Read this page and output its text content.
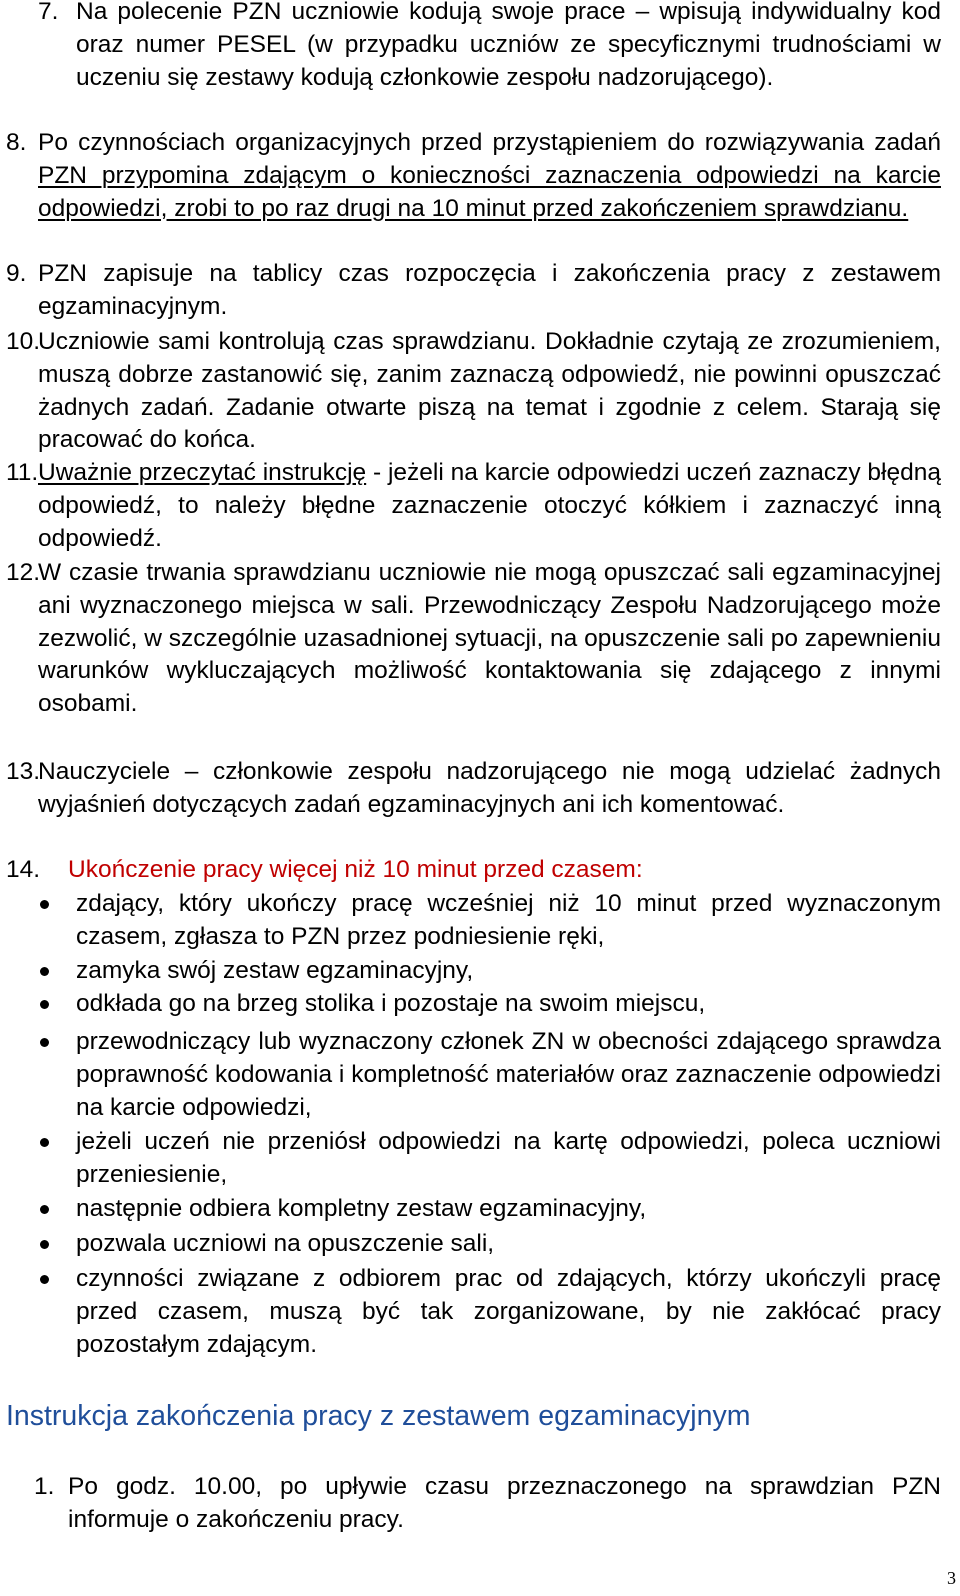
7. Na polecenie PZN uczniowie kodują swoje prace – wpisują indywidualny kod oraz numer PESEL (w przypadku uczniów ze specyficznymi trudnościami w uczeniu się zestawy kodują członkowie zespołu nadzorującego).
8. Po czynnościach organizacyjnych przed przystąpieniem do rozwiązywania zadań PZN przypomina zdającym o konieczności zaznaczenia odpowiedzi na karcie odpowiedzi, zrobi to po raz drugi na 10 minut przed zakończeniem sprawdzianu.
9. PZN zapisuje na tablicy czas rozpoczęcia i zakończenia pracy z zestawem egzaminacyjnym.
10.
Uczniowie sami kontrolują czas sprawdzianu. Dokładnie czytają ze zrozumieniem, muszą dobrze zastanowić się, zanim zaznaczą odpowiedź, nie powinni opuszczać żadnych zadań. Zadanie otwarte piszą na temat i zgodnie z celem. Starają się pracować do końca.
11. Uważnie przeczytać instrukcję - jeżeli na karcie odpowiedzi uczeń zaznaczy błędną odpowiedź, to należy błędne zaznaczenie otoczyć kółkiem i zaznaczyć inną odpowiedź.
12.
W czasie trwania sprawdzianu uczniowie nie mogą opuszczać sali egzaminacyjnej ani wyznaczonego miejsca w sali. Przewodniczący Zespołu Nadzorującego może zezwolić, w szczególnie uzasadnionej sytuacji, na opuszczenie sali po zapewnieniu warunków wykluczających możliwość kontaktowania się zdającego z innymi osobami.
13.
Nauczyciele – członkowie zespołu nadzorującego nie mogą udzielać żadnych wyjaśnień dotyczących zadań egzaminacyjnych ani ich komentować.
14. Ukończenie pracy więcej niż 10 minut przed czasem:
zdający, który ukończy pracę wcześniej niż 10 minut przed wyznaczonym czasem, zgłasza to PZN przez podniesienie ręki,
zamyka swój zestaw egzaminacyjny,
odkłada go na brzeg stolika i pozostaje na swoim miejscu,
przewodniczący lub wyznaczony członek ZN w obecności zdającego sprawdza poprawność kodowania i kompletność materiałów oraz zaznaczenie odpowiedzi na karcie odpowiedzi,
jeżeli uczeń nie przeniósł odpowiedzi na kartę odpowiedzi, poleca uczniowi przeniesienie,
następnie odbiera kompletny zestaw egzaminacyjny,
pozwala uczniowi na opuszczenie sali,
czynności związane z odbiorem prac od zdających, którzy ukończyli pracę przed czasem, muszą być tak zorganizowane, by nie zakłócać pracy pozostałym zdającym.
Instrukcja zakończenia pracy z zestawem egzaminacyjnym
1. Po godz. 10.00, po upływie czasu przeznaczonego na sprawdzian PZN informuje o zakończeniu pracy.
3
